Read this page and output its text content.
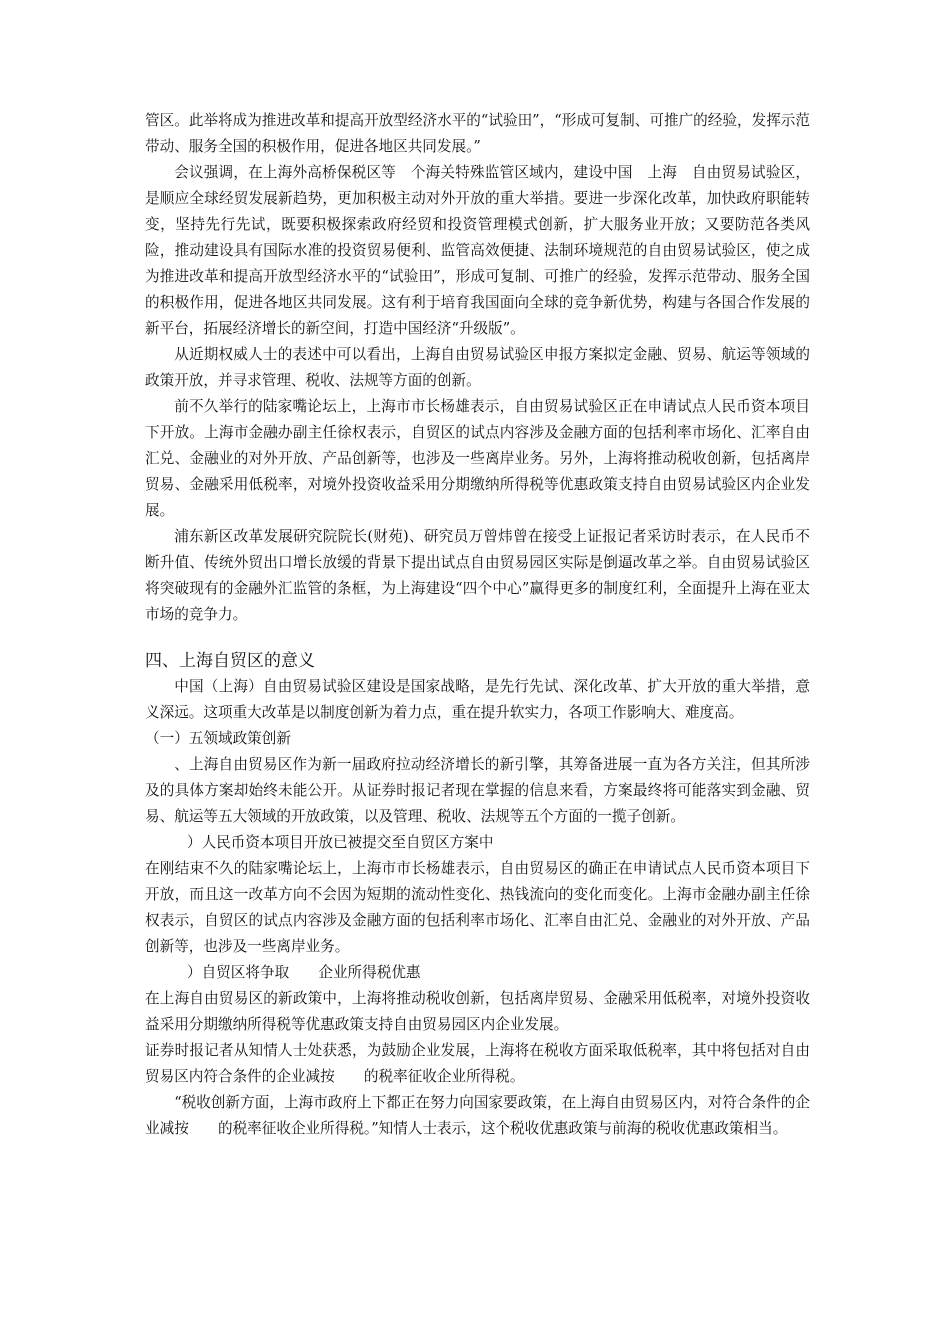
管区。此举将成为推进改革和提高开放型经济水平的“试验田”，“形成可复制、可推广的经验，发挥示范带动、服务全国的积极作用，促进各地区共同发展。”

会议强调，在上海外高桥保税区等　个海关特殊监管区域内，建设中国　上海　自由贸易试验区，是顺应全球经贸发展新趋势，更加积极主动对外开放的重大举措。要进一步深化改革，加快政府职能转变，坚持先行先试，既要积极探索政府经贸和投资管理模式创新，扩大服务业开放；又要防范各类风险，推动建设具有国际水准的投资贸易便利、监管高效便捷、法制环境规范的自由贸易试验区，使之成为推进改革和提高开放型经济水平的“试验田”，形成可复制、可推广的经验，发挥示范带动、服务全国的积极作用，促进各地区共同发展。这有利于培育我国面向全球的竞争新优势，构建与各国合作发展的新平台，拓展经济增长的新空间，打造中国经济“升级版”。

从近期权威人士的表述中可以看出，上海自由贸易试验区申报方案拟定金融、贸易、航运等领域的政策开放，并寻求管理、税收、法规等方面的创新。

前不久举行的陆家嘴论坛上，上海市市长杨雄表示，自由贸易试验区正在申请试点人民币资本项目下开放。上海市金融办副主任徐权表示，自贸区的试点内容涉及金融方面的包括利率市场化、汇率自由汇兑、金融业的对外开放、产品创新等，也涉及一些离岸业务。另外，上海将推动税收创新，包括离岸贸易、金融采用低税率，对境外投资收益采用分期缴纳所得税等优惠政策支持自由贸易试验区内企业发展。

浦东新区改革发展研究院院长(财苑)、研究员万曾炜曾在接受上证报记者采访时表示，在人民币不断升值、传统外贸出口增长放缓的背景下提出试点自由贸易园区实际是倒逼改革之举。自由贸易试验区将突破现有的金融外汇监管的条框，为上海建设“四个中心”赢得更多的制度红利，全面提升上海在亚太市场的竞争力。

四、上海自贸区的意义

中国（上海）自由贸易试验区建设是国家战略，是先行先试、深化改革、扩大开放的重大举措，意义深远。这项重大改革是以制度创新为着力点，重在提升软实力，各项工作影响大、难度高。

（一）五领域政策创新

、上海自由贸易区作为新一届政府拉动经济增长的新引擎，其筹备进展一直为各方关注，但其所涉及的具体方案却始终未能公开。从证券时报记者现在掌握的信息来看，方案最终将可能落实到金融、贸易、航运等五大领域的开放政策，以及管理、税收、法规等五个方面的一揽子创新。

）人民币资本项目开放已被提交至自贸区方案中

在刚结束不久的陆家嘴论坛上，上海市市长杨雄表示，自由贸易区的确正在申请试点人民币资本项目下开放，而且这一改革方向不会因为短期的流动性变化、热钱流向的变化而变化。上海市金融办副主任徐权表示，自贸区的试点内容涉及金融方面的包括利率市场化、汇率自由汇兑、金融业的对外开放、产品创新等，也涉及一些离岸业务。

）自贸区将争取　　企业所得税优惠

在上海自由贸易区的新政策中，上海将推动税收创新，包括离岸贸易、金融采用低税率，对境外投资收益采用分期缴纳所得税等优惠政策支持自由贸易园区内企业发展。

证券时报记者从知情人士处获悉，为鼓励企业发展，上海将在税收方面采取低税率，其中将包括对自由贸易区内符合条件的企业减按　　的税率征收企业所得税。

“税收创新方面，上海市政府上下都正在努力向国家要政策，在上海自由贸易区内，对符合条件的企业减按　　的税率征收企业所得税。”知情人士表示，这个税收优惠政策与前海的税收优惠政策相当。
